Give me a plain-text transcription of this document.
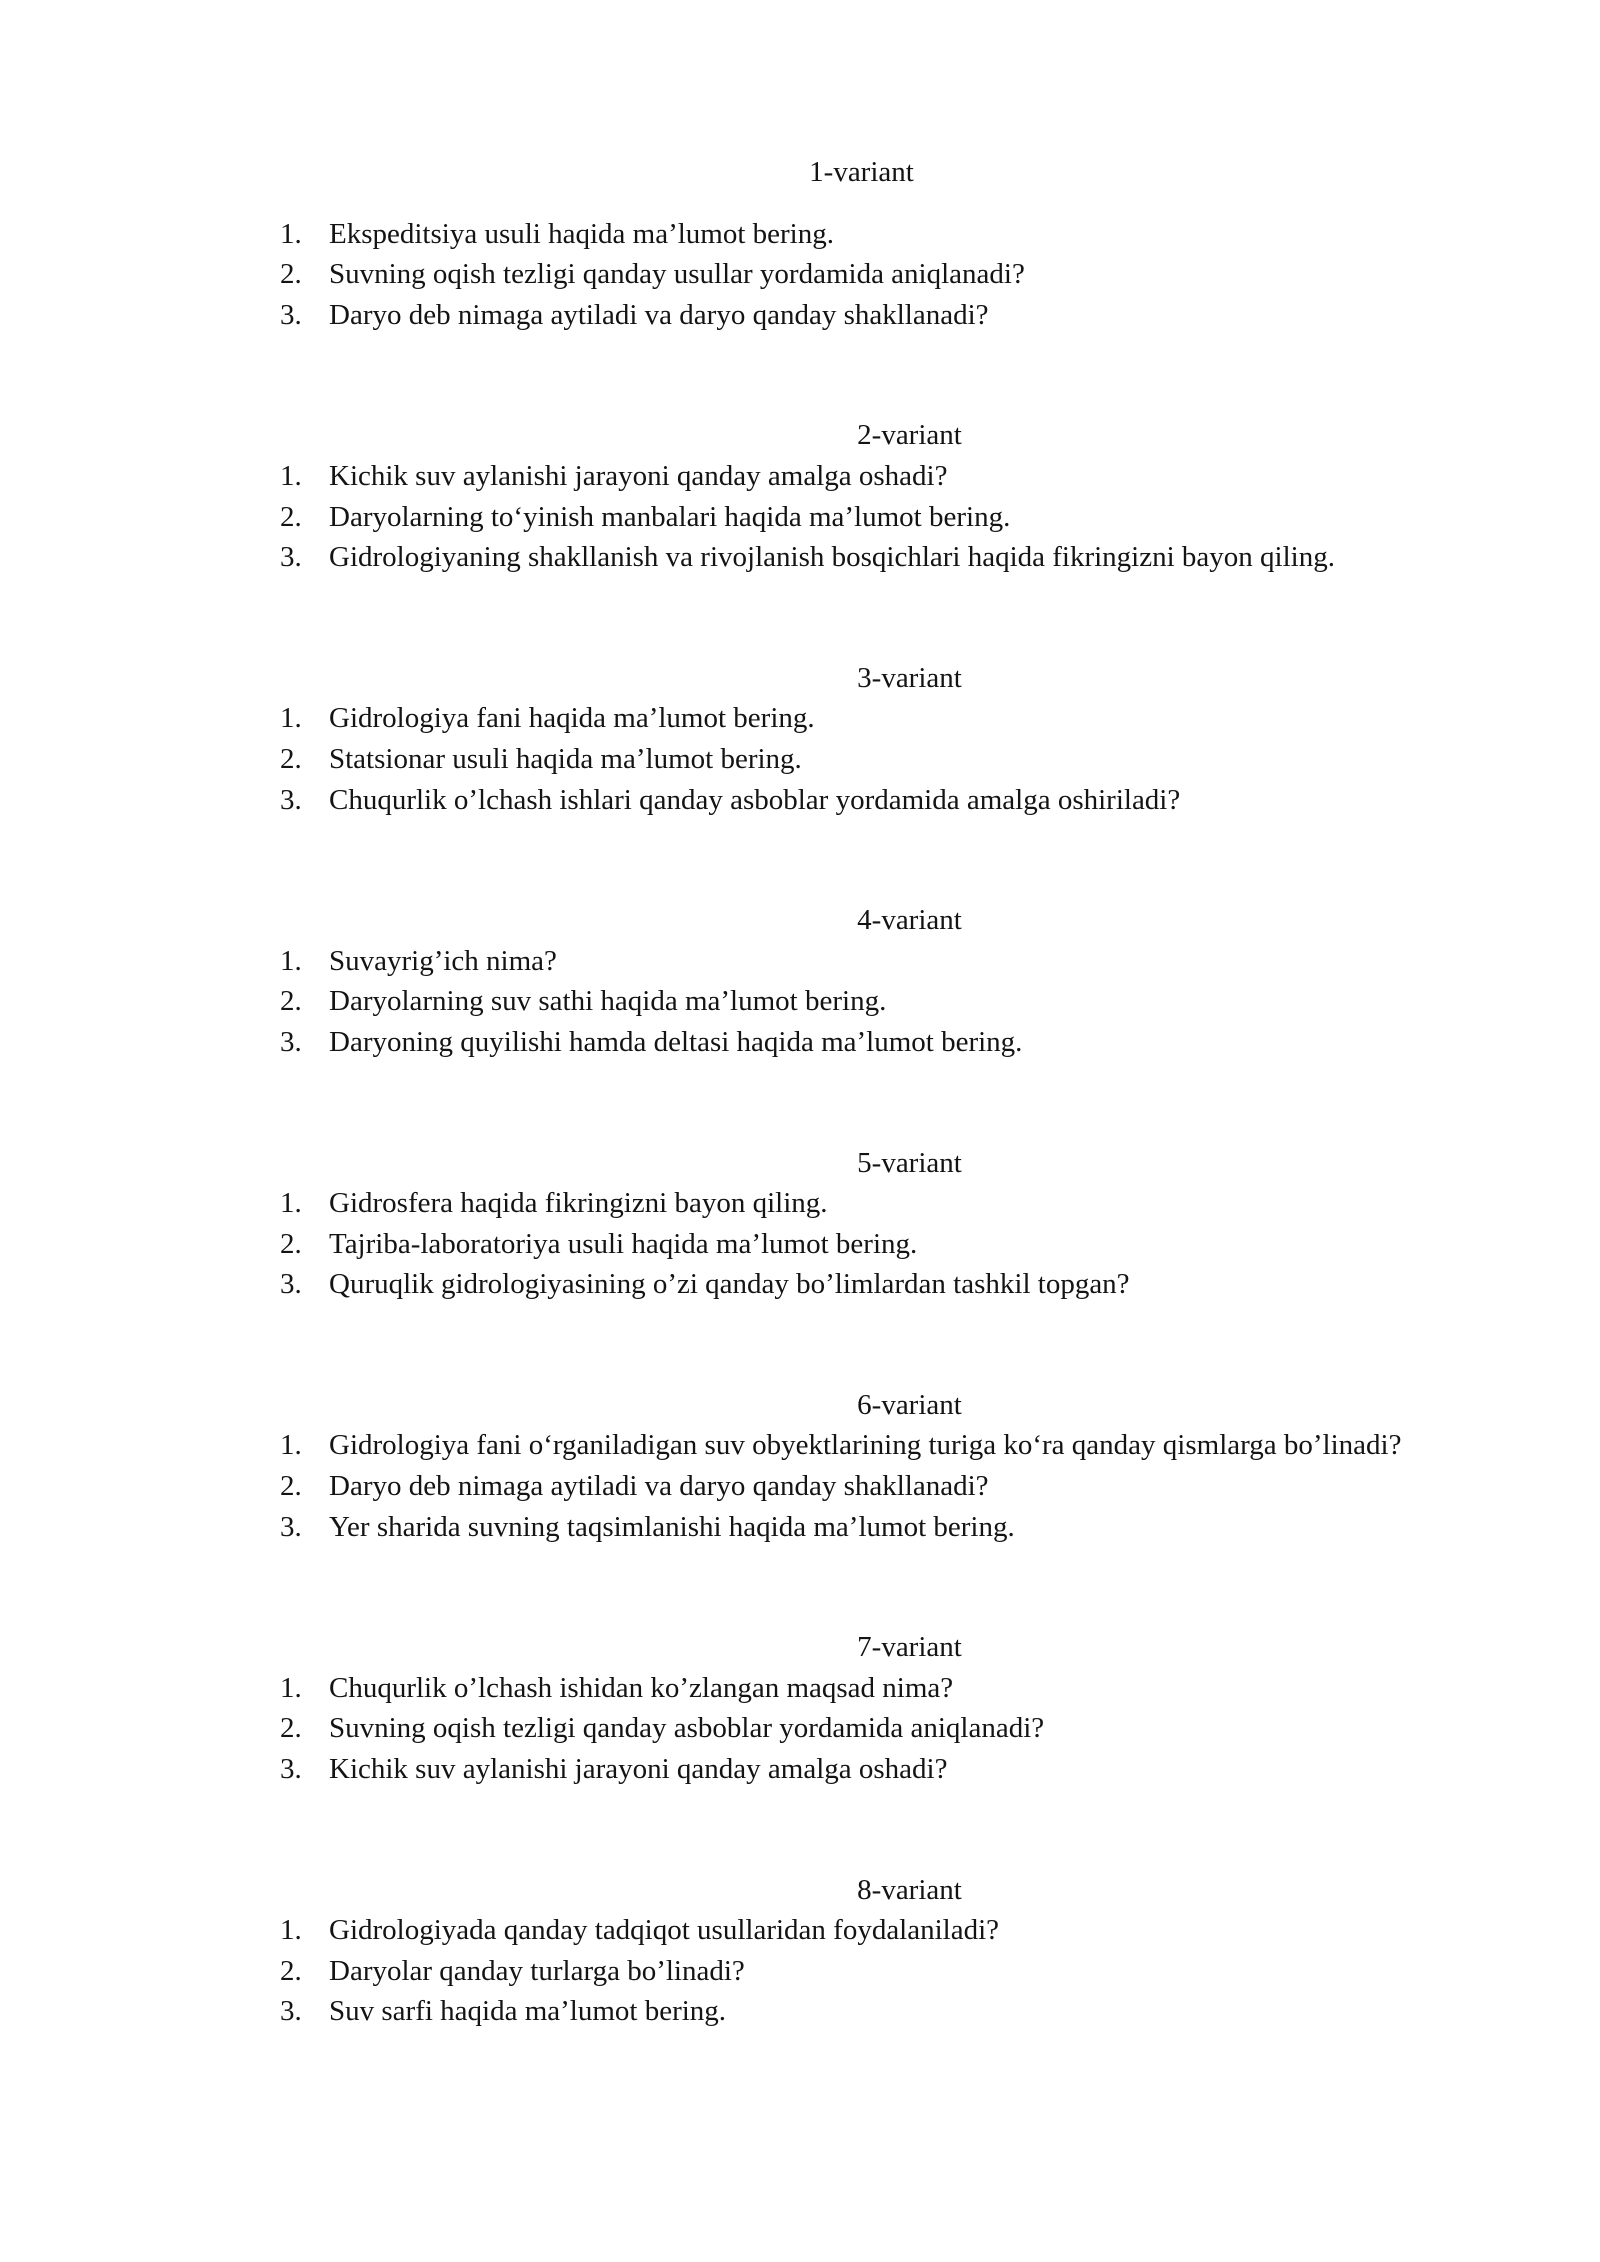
1-variant
1. Ekspeditsiya usuli haqida ma’lumot bering.
2. Suvning oqish tezligi qanday usullar yordamida aniqlanadi?
3. Daryo deb nimaga aytiladi va daryo qanday shakllanadi?
2-variant
1. Kichik suv aylanishi jarayoni qanday amalga oshadi?
2. Daryolarning to‘yinish manbalari haqida ma’lumot bering.
3. Gidrologiyaning shakllanish va rivojlanish bosqichlari haqida fikringizni bayon qiling.
3-variant
1. Gidrologiya fani haqida ma’lumot bering.
2. Statsionar usuli haqida ma’lumot bering.
3. Chuqurlik o’lchash ishlari qanday asboblar yordamida amalga oshiriladi?
4-variant
1. Suvayrig’ich nima?
2. Daryolarning suv sathi haqida ma’lumot bering.
3. Daryoning quyilishi hamda deltasi haqida ma’lumot bering.
5-variant
1. Gidrosfera haqida fikringizni bayon qiling.
2. Tajriba-laboratoriya usuli haqida ma’lumot bering.
3. Quruqlik gidrologiyasining o’zi qanday bo’limlardan tashkil topgan?
6-variant
1. Gidrologiya fani o‘rganiladigan suv obyektlarining turiga ko‘ra qanday qismlarga bo’linadi?
2. Daryo deb nimaga aytiladi va daryo qanday shakllanadi?
3. Yer sharida suvning taqsimlanishi haqida ma’lumot bering.
7-variant
1. Chuqurlik o’lchash ishidan ko’zlangan maqsad nima?
2. Suvning oqish tezligi qanday asboblar yordamida aniqlanadi?
3. Kichik suv aylanishi jarayoni qanday amalga oshadi?
8-variant
1. Gidrologiyada qanday tadqiqot usullaridan foydalaniladi?
2. Daryolar qanday turlarga bo’linadi?
3. Suv sarfi haqida ma’lumot bering.
